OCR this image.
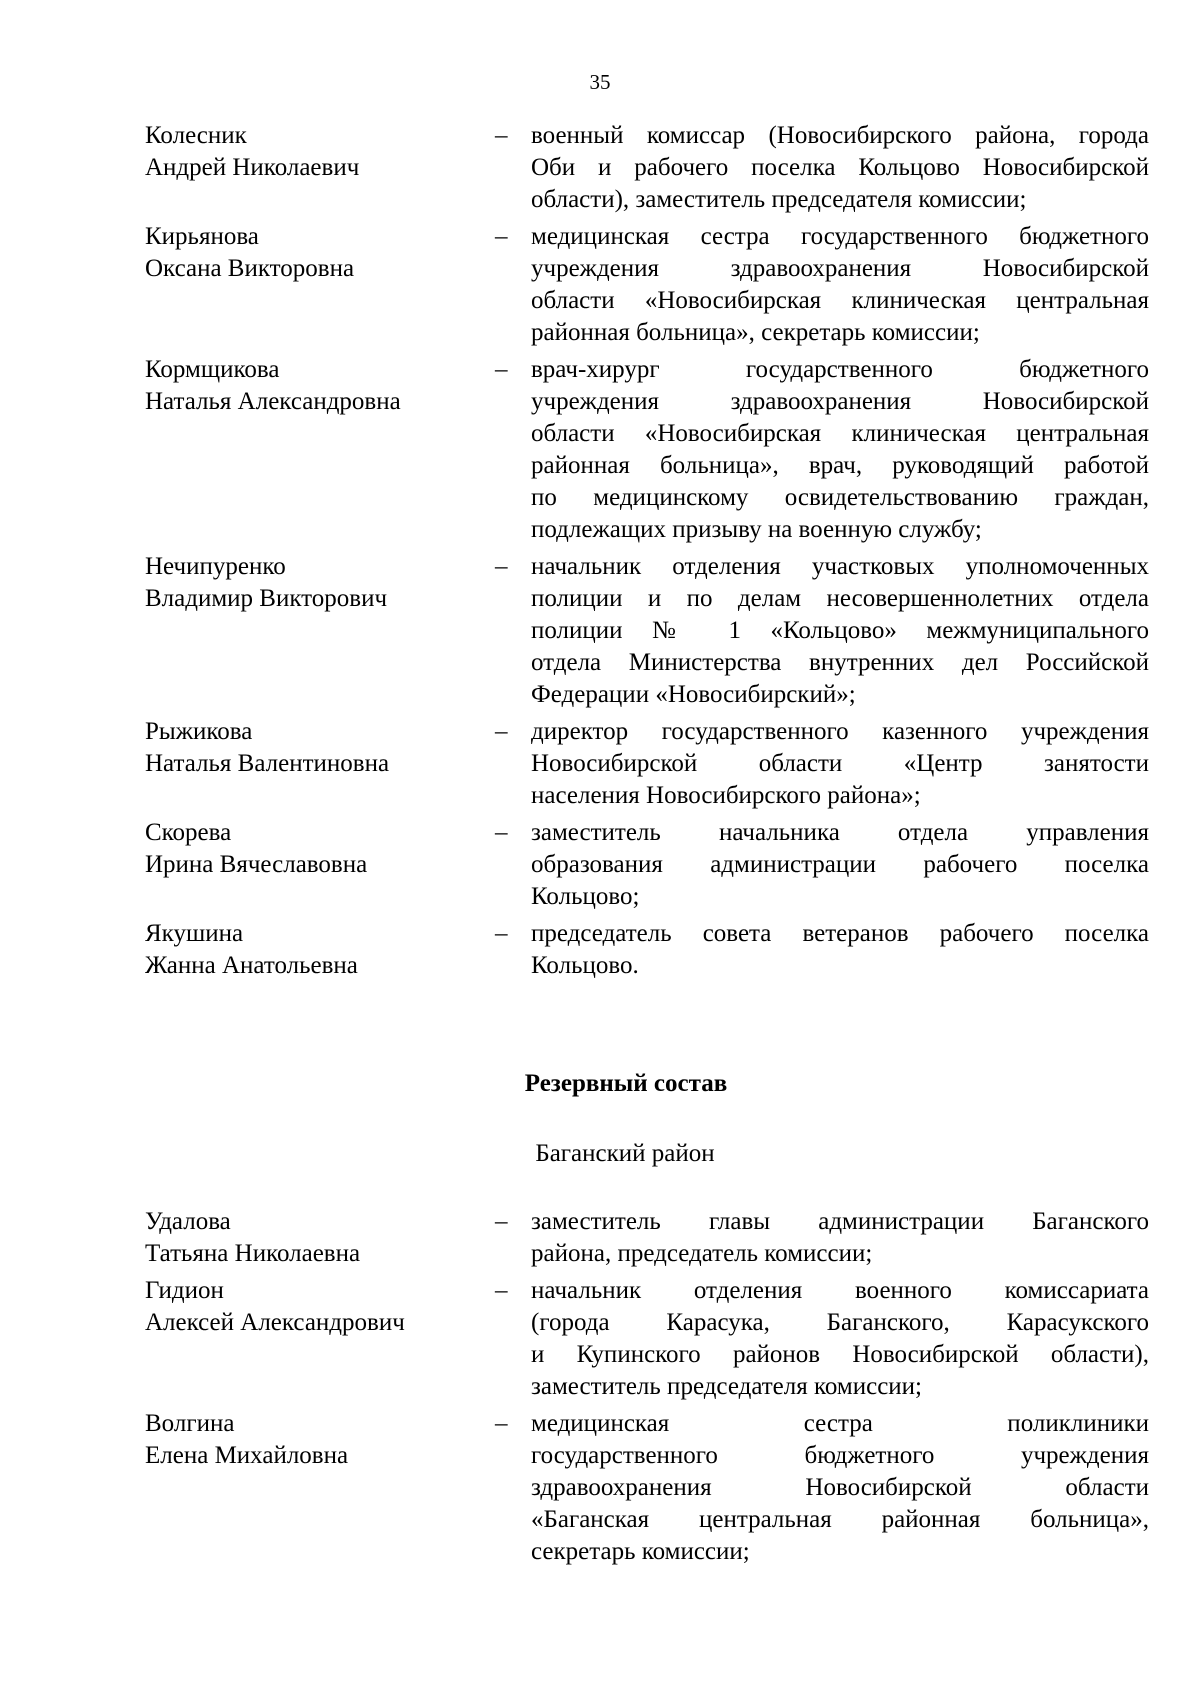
35
Колесник
Андрей Николаевич
– военный комиссар (Новосибирского района, города
Оби и рабочего поселка Кольцово Новосибирской
области), заместитель председателя комиссии;
Кирьянова
Оксана Викторовна
– медицинская сестра государственного бюджетного
учреждения здравоохранения Новосибирской
области «Новосибирская клиническая центральная
районная больница», секретарь комиссии;
Кормщикова
Наталья Александровна
– врач-хирург государственного бюджетного
учреждения здравоохранения Новосибирской
области «Новосибирская клиническая центральная
районная больница», врач, руководящий работой
по медицинскому освидетельствованию граждан,
подлежащих призыву на военную службу;
Нечипуренко
Владимир Викторович
– начальник отделения участковых уполномоченных
полиции и по делам несовершеннолетних отдела
полиции № 1 «Кольцово» межмуниципального
отдела Министерства внутренних дел Российской
Федерации «Новосибирский»;
Рыжикова
Наталья Валентиновна
– директор государственного казенного учреждения
Новосибирской области «Центр занятости
населения Новосибирского района»;
Скорева
Ирина Вячеславовна
– заместитель начальника отдела управления
образования администрации рабочего поселка
Кольцово;
Якушина
Жанна Анатольевна
– председатель совета ветеранов рабочего поселка
Кольцово.
Резервный состав
Баганский район
Удалова
Татьяна Николаевна
– заместитель главы администрации Баганского
района, председатель комиссии;
Гидион
Алексей Александрович
– начальник отделения военного комиссариата
(города Карасука, Баганского, Карасукского
и Купинского районов Новосибирской области),
заместитель председателя комиссии;
Волгина
Елена Михайловна
– медицинская сестра поликлиники
государственного бюджетного учреждения
здравоохранения Новосибирской области
«Баганская центральная районная больница»,
секретарь комиссии;
